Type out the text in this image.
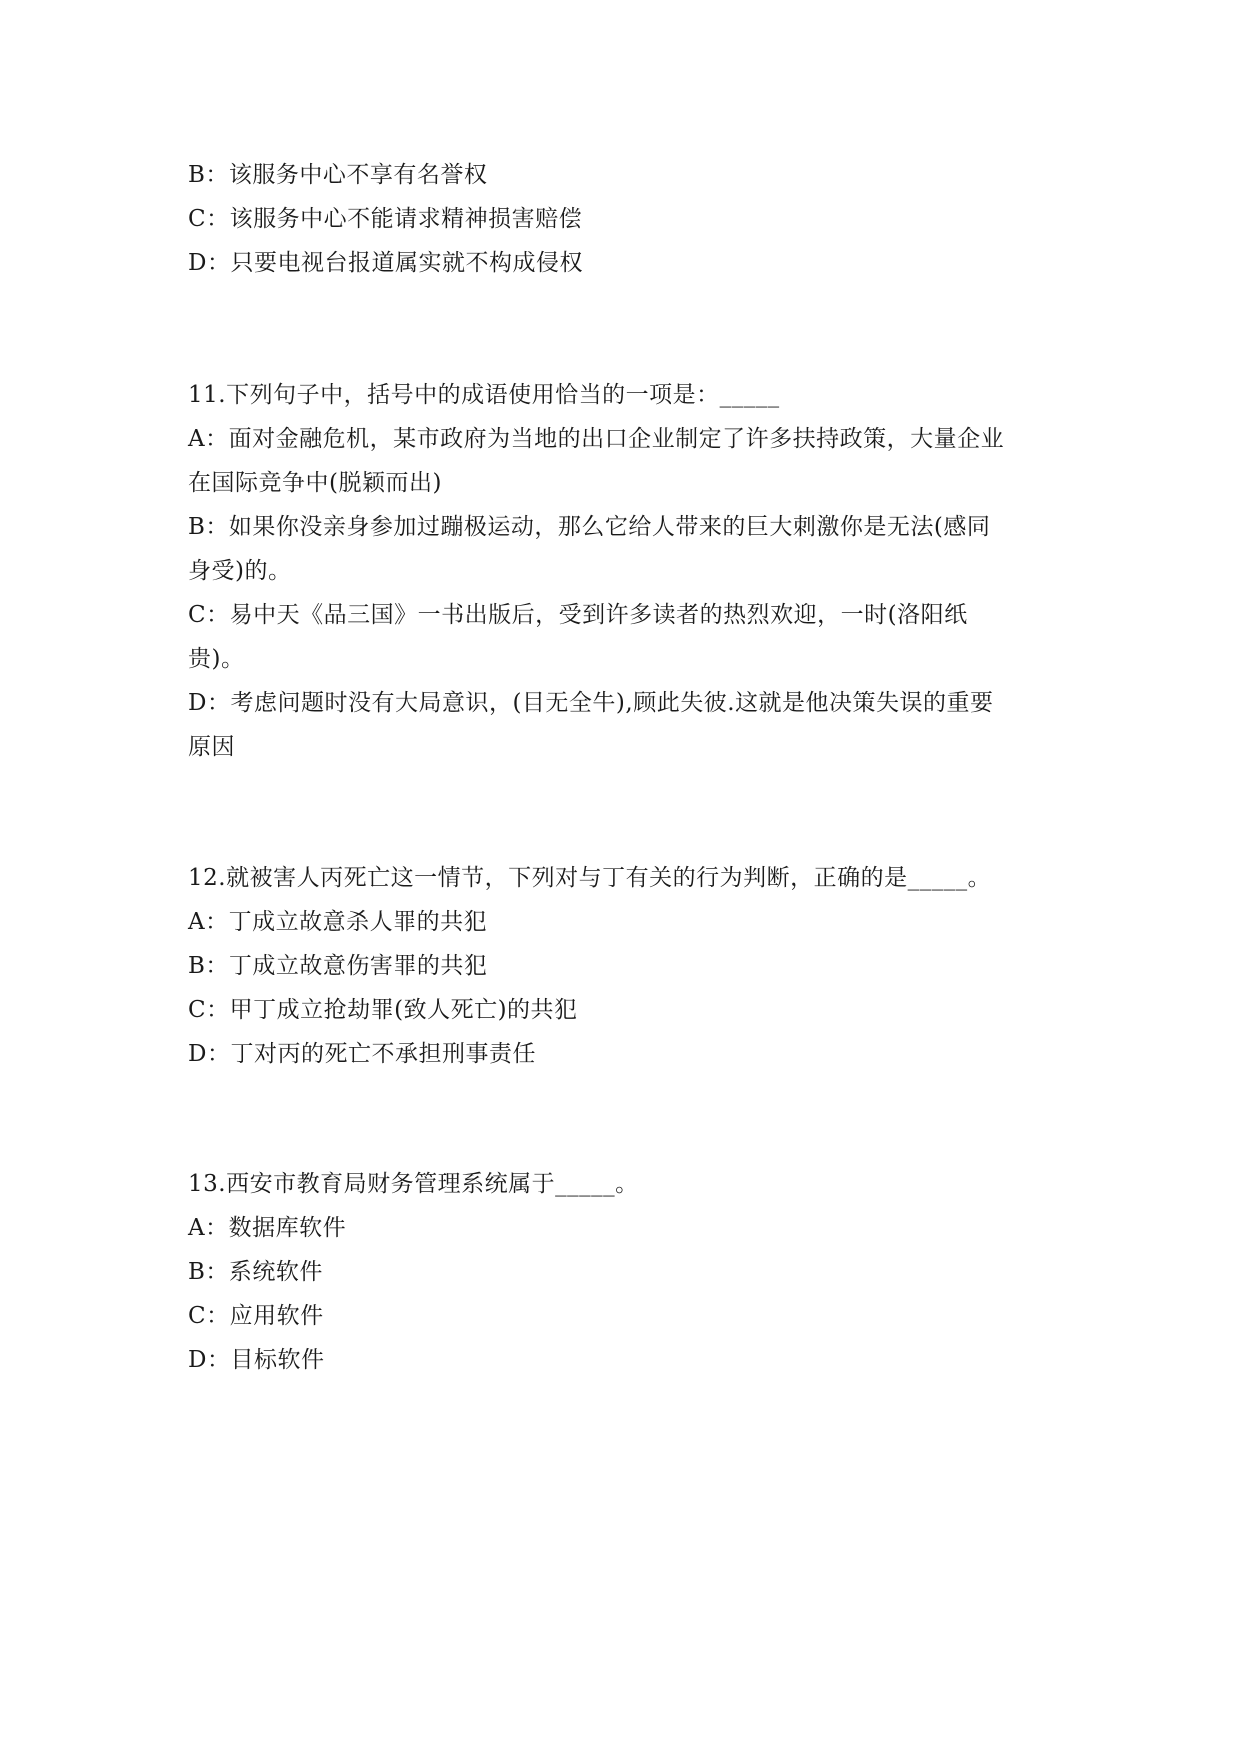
B：该服务中心不享有名誉权
C：该服务中心不能请求精神损害赔偿
D：只要电视台报道属实就不构成侵权
11.下列句子中，括号中的成语使用恰当的一项是：_____
A：面对金融危机，某市政府为当地的出口企业制定了许多扶持政策，大量企业
在国际竞争中(脱颖而出)
B：如果你没亲身参加过蹦极运动，那么它给人带来的巨大刺激你是无法(感同
身受)的。
C：易中天《品三国》一书出版后，受到许多读者的热烈欢迎，一时(洛阳纸
贵)。
D：考虑问题时没有大局意识，(目无全牛),顾此失彼.这就是他决策失误的重要
原因
12.就被害人丙死亡这一情节，下列对与丁有关的行为判断，正确的是_____。
A：丁成立故意杀人罪的共犯
B：丁成立故意伤害罪的共犯
C：甲丁成立抢劫罪(致人死亡)的共犯
D：丁对丙的死亡不承担刑事责任
13.西安市教育局财务管理系统属于_____。
A：数据库软件
B：系统软件
C：应用软件
D：目标软件
